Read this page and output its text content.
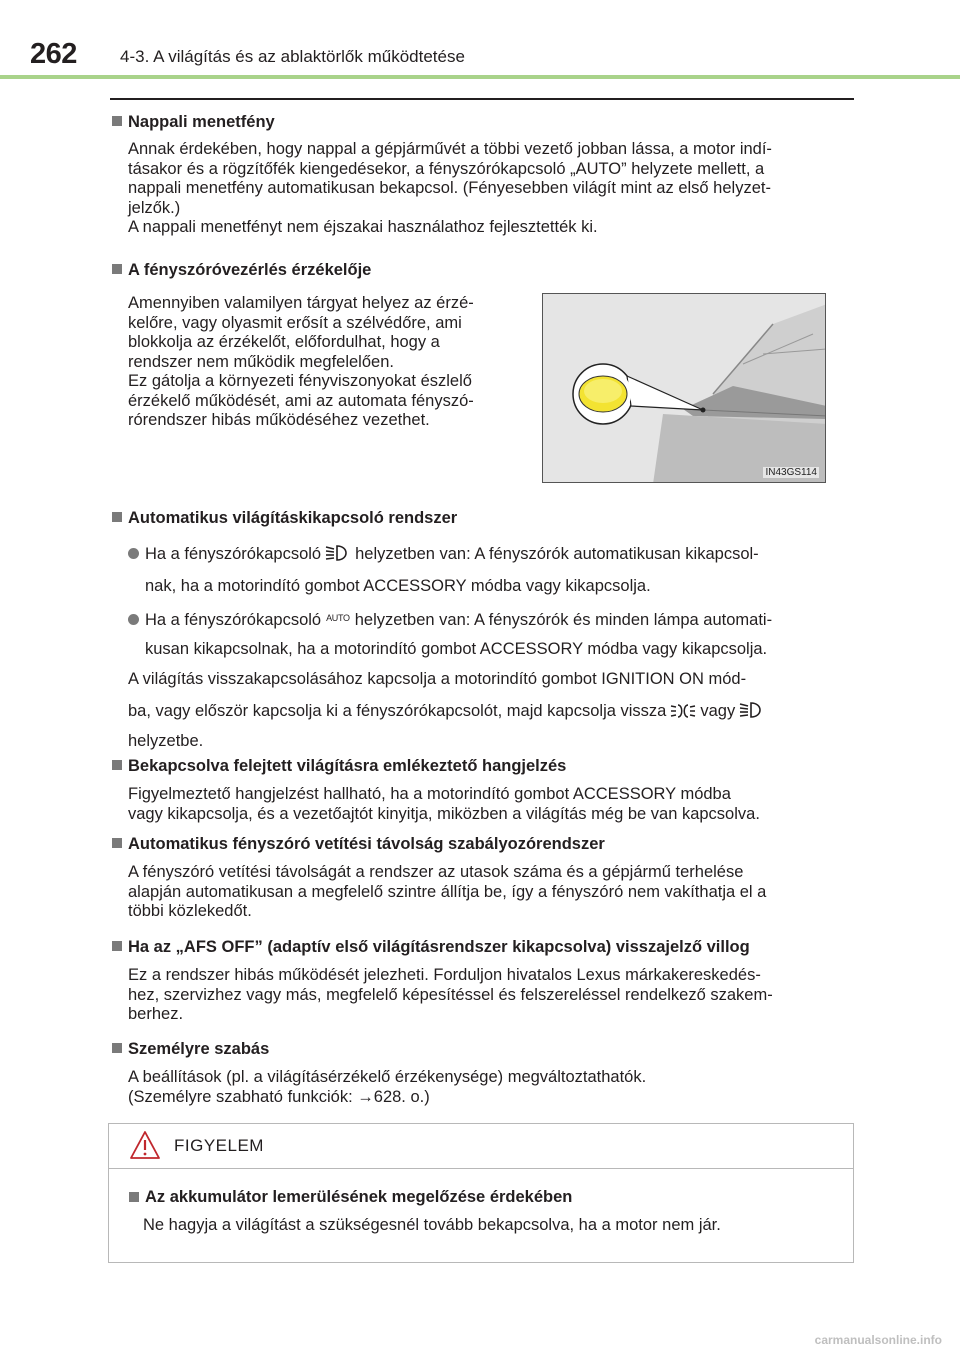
262	4-3. A világítás és az ablaktörlők működtetése
Nappali menetfény
Annak érdekében, hogy nappal a gépjárművét a többi vezető jobban lássa, a motor indí-
tásakor és a rögzítőfék kiengedésekor, a fényszórókapcsoló „AUTO” helyzete mellett, a
nappali menetfény automatikusan bekapcsol. (Fényesebben világít mint az első helyzet-
jelzők.)
A nappali menetfényt nem éjszakai használathoz fejlesztették ki.
A fényszóróvezérlés érzékelője
Amennyiben valamilyen tárgyat helyez az érzé-
kelőre, vagy olyasmit erősít a szélvédőre, ami
blokkolja az érzékelőt, előfordulhat, hogy a
rendszer nem működik megfelelően.
Ez gátolja a környezeti fényviszonyokat észlelő
érzékelő működését, ami az automata fényszó-
rórendszer hibás működéséhez vezethet.
IN43GS114
Automatikus világításkikapcsoló rendszer
Ha a fényszórókapcsoló helyzetben van: A fényszórók automatikusan kikapcsol-
nak, ha a motorindító gombot ACCESSORY módba vagy kikapcsolja.
Ha a fényszórókapcsoló $^{AUTO}$ helyzetben van: A fényszórók és minden lámpa automati-
kusan kikapcsolnak, ha a motorindító gombot ACCESSORY módba vagy kikapcsolja.
A világítás visszakapcsolásához kapcsolja a motorindító gombot IGNITION ON mód-
ba, vagy először kapcsolja ki a fényszórókapcsolót, majd kapcsolja vissza vagy
helyzetbe.
Bekapcsolva felejtett világításra emlékeztető hangjelzés
Figyelmeztető hangjelzést hallható, ha a motorindító gombot ACCESSORY módba
vagy kikapcsolja, és a vezetőajtót kinyitja, miközben a világítás még be van kapcsolva.
Automatikus fényszóró vetítési távolság szabályozórendszer
A fényszóró vetítési távolságát a rendszer az utasok száma és a gépjármű terhelése
alapján automatikusan a megfelelő szintre állítja be, így a fényszóró nem vakíthatja el a
többi közlekedőt.
Ha az „AFS OFF” (adaptív első világításrendszer kikapcsolva) visszajelző villog
Ez a rendszer hibás működését jelezheti. Forduljon hivatalos Lexus márkakereskedés-
hez, szervizhez vagy más, megfelelő képesítéssel és felszereléssel rendelkező szakem-
berhez.
Személyre szabás
A beállítások (pl. a világításérzékelő érzékenysége) megváltoztathatók.
(Személyre szabható funkciók: →628. o.)
FIGYELEM
Az akkumulátor lemerülésének megelőzése érdekében
Ne hagyja a világítást a szükségesnél tovább bekapcsolva, ha a motor nem jár.
carmanualsonline.info
